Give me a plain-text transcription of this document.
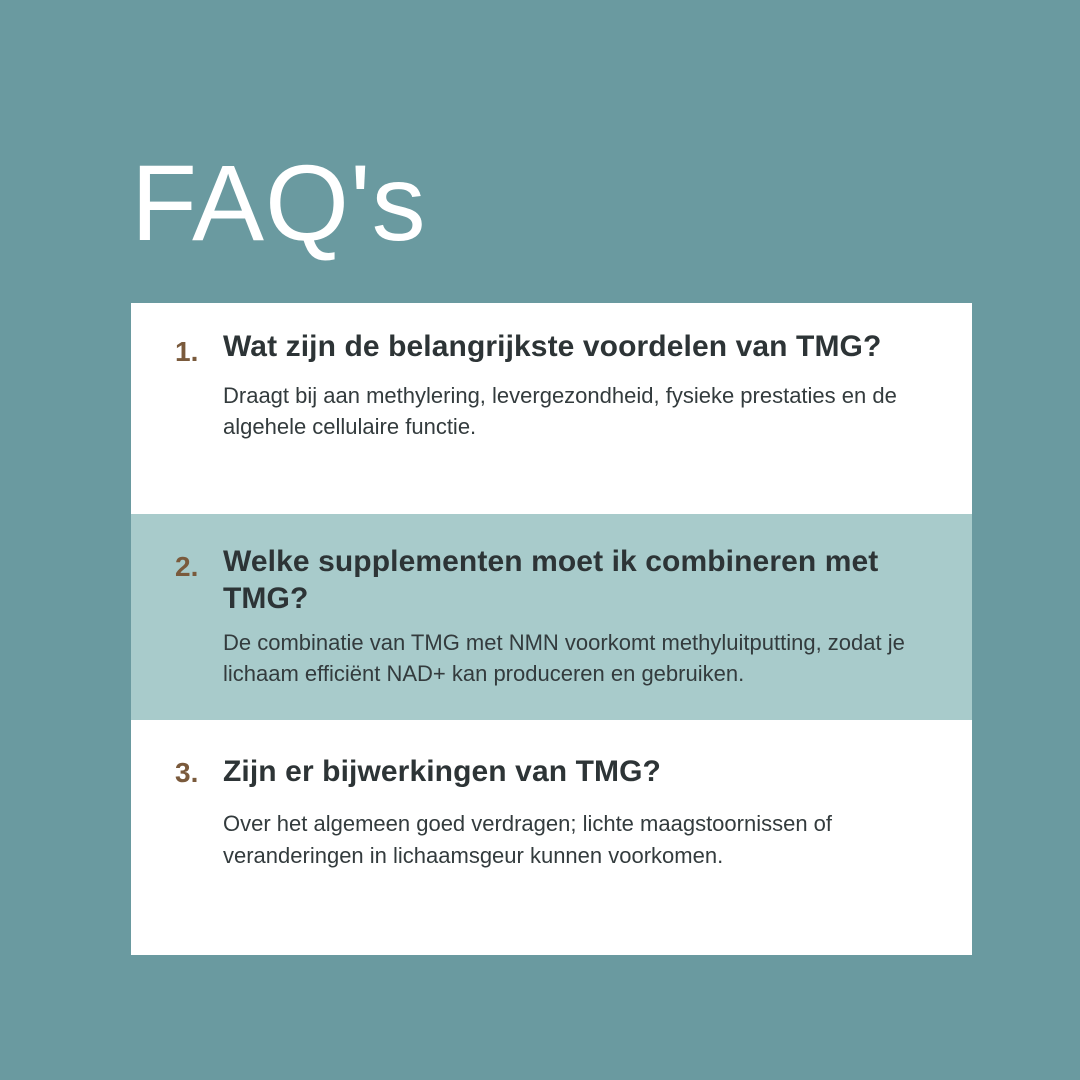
FAQ's
1. Wat zijn de belangrijkste voordelen van TMG?

Draagt bij aan methylering, levergezondheid, fysieke prestaties en de algehele cellulaire functie.

2. Welke supplementen moet ik combineren met TMG?

De combinatie van TMG met NMN voorkomt methyluitputting, zodat je lichaam efficiënt NAD+ kan produceren en gebruiken.

3. Zijn er bijwerkingen van TMG?

Over het algemeen goed verdragen; lichte maagstoornissen of veranderingen in lichaamsgeur kunnen voorkomen.
